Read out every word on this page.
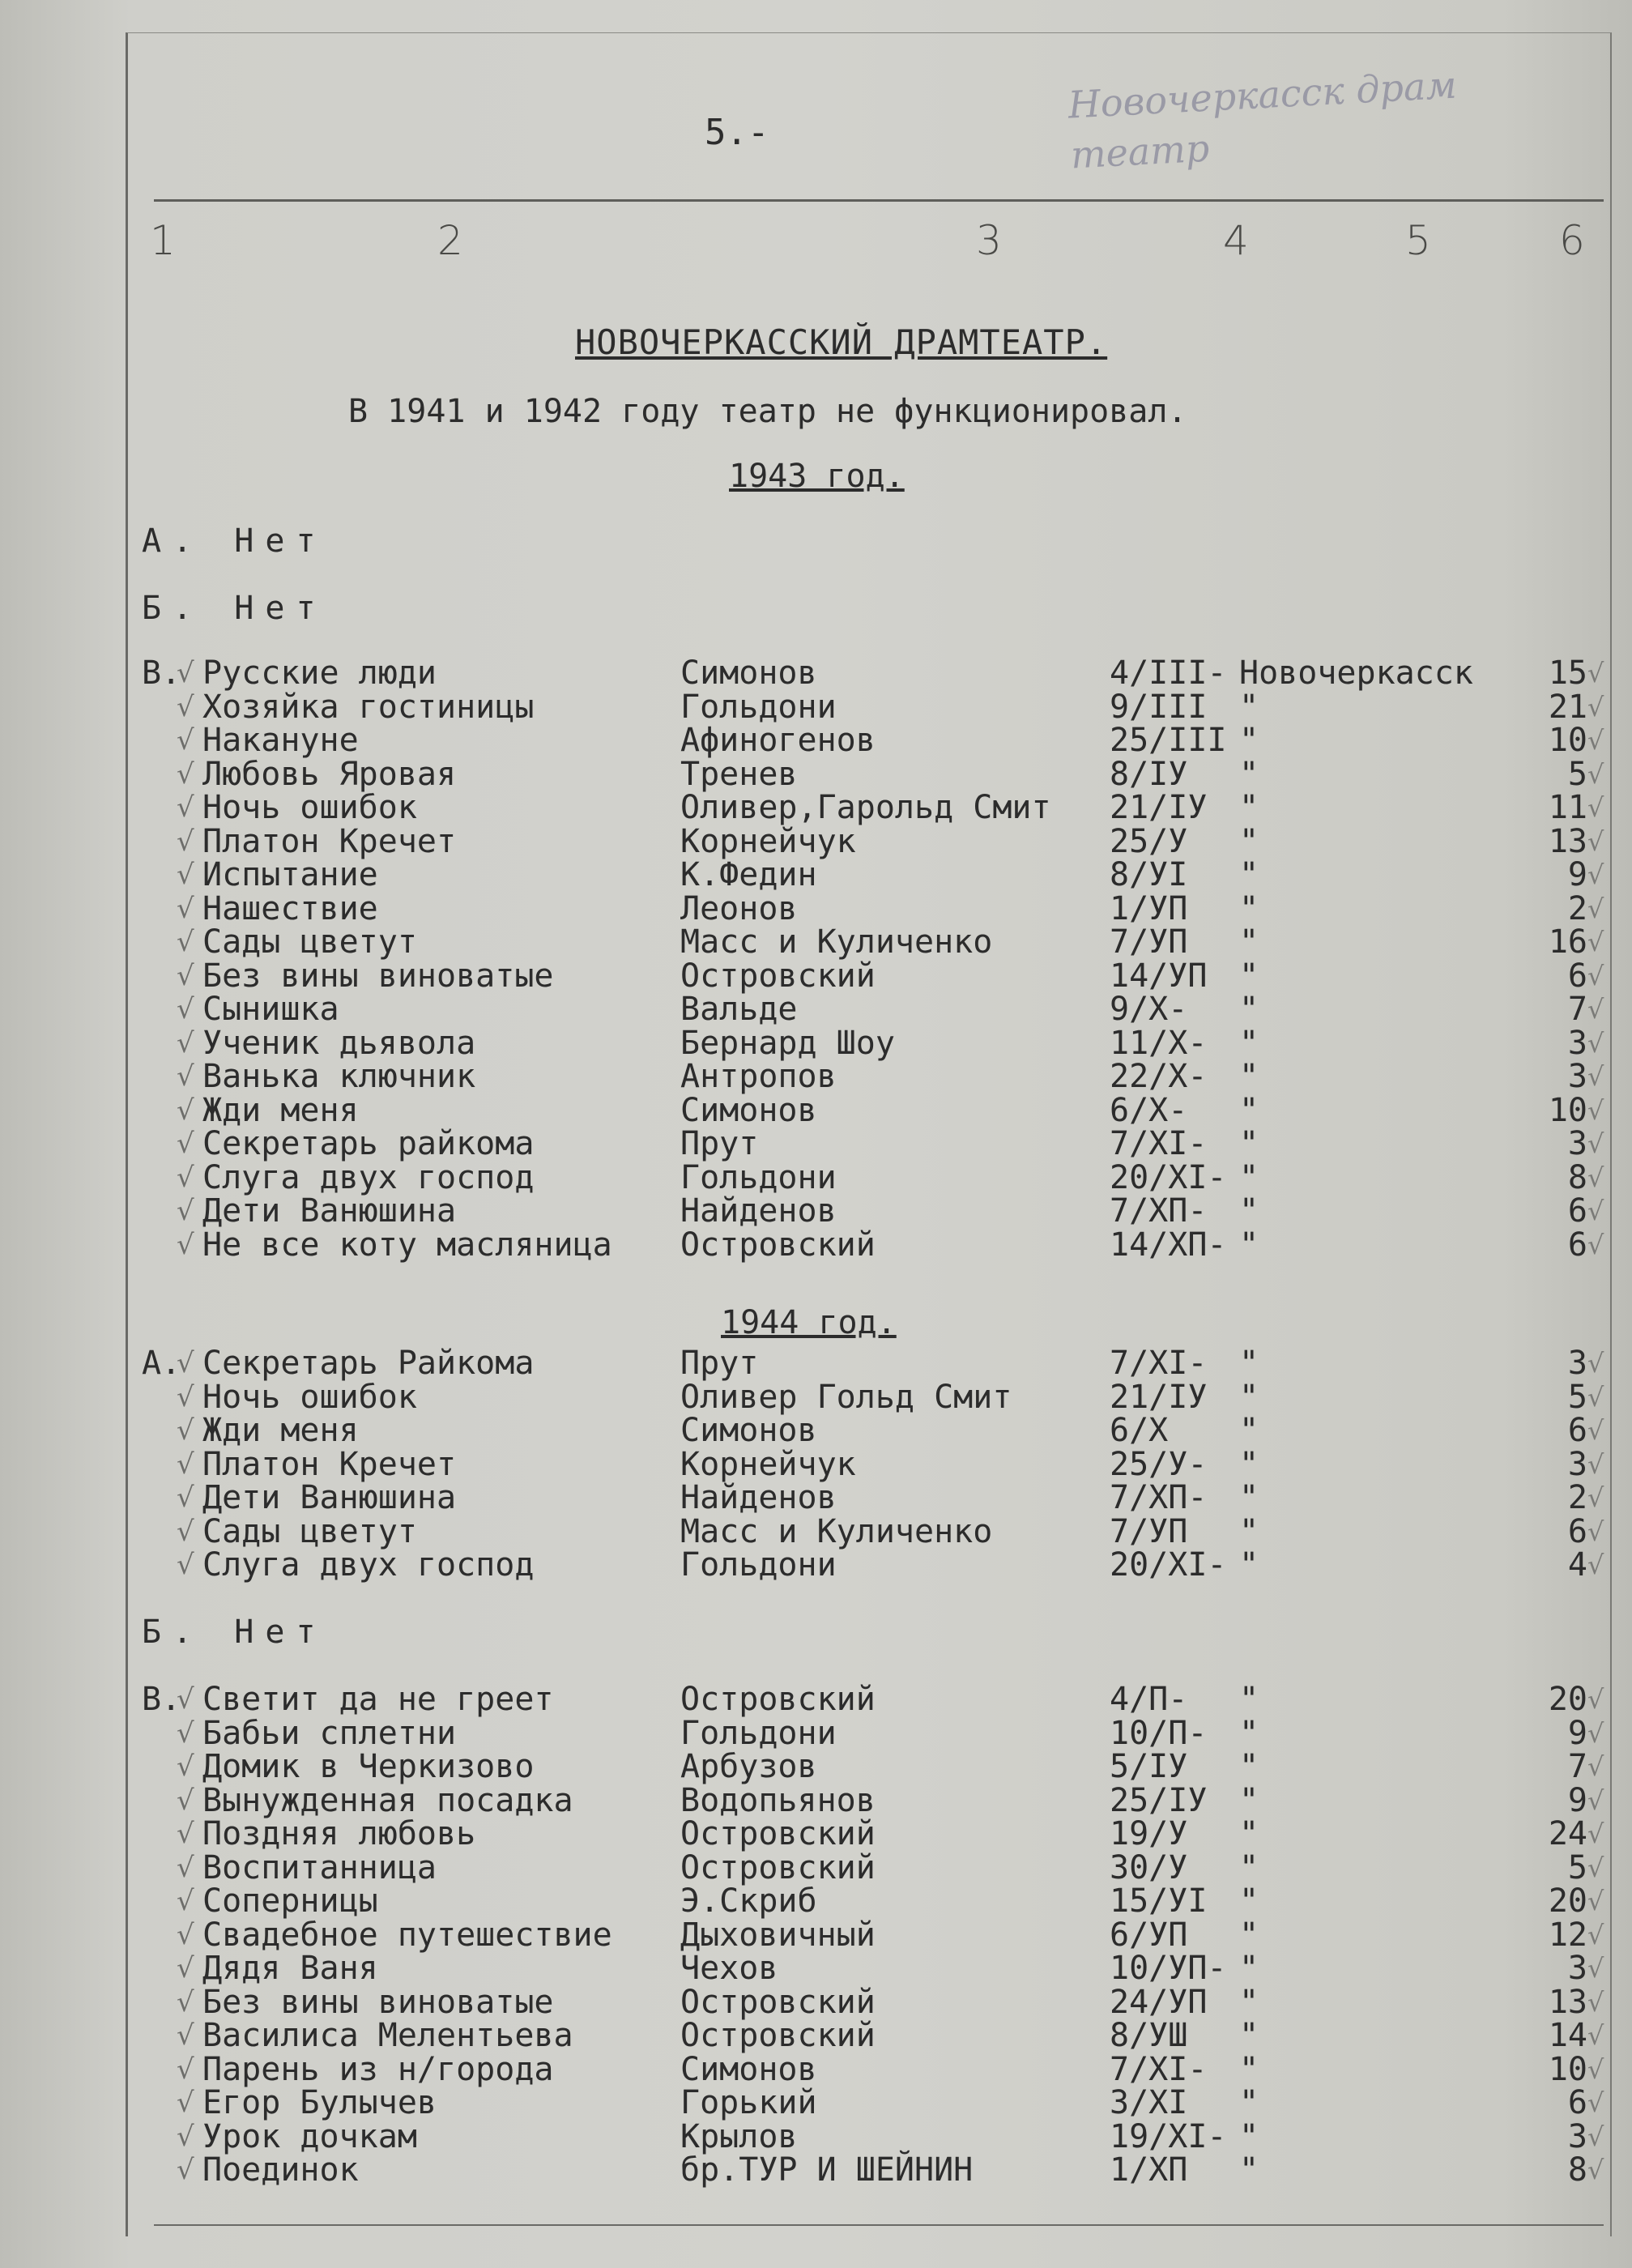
5.-
Новочеркасск драм театр
1	2	3	4	5	6
НОВОЧЕРКАССКИЙ ДРАМТЕАТР.
В 1941 и 1942 году театр не функционировал.
1943 год.
А. Нет
Б. Нет
В.
√ Русские люди	Симонов	4/III- Новочеркасск	15 √
√ Хозяйка гостиницы	Гольдони	9/III "	21 √
√ Накануне	Афиногенов	25/III "	10 √
√ Любовь Яровая	Тренев	8/IУ "	5 √
√ Ночь ошибок	Оливер,Гарольд Смит 21/IУ "	11 √
√ Платон Кречет	Корнейчук	25/У "	13 √
√ Испытание	К.Федин	8/УI "	9 √
√ Нашествие	Леонов	1/УП "	2 √
√ Сады цветут	Масс и Куличенко	7/УП "	16 √
√ Без вины виноватые	Островский	14/УП "	6 √
√ Сынишка	Вальде	9/Х- "	7 √
√ Ученик дьявола	Бернард Шоу	11/Х- "	3 √
√ Ванька ключник	Антропов	22/Х- "	3 √
√ Жди меня	Симонов	6/Х- "	10 √
√ Секретарь райкома	Прут	7/ХI- "	3 √
√ Слуга двух господ	Гольдони	20/ХI- "	8 √
√ Дети Ванюшина	Найденов	7/ХП- "	6 √
√ Не все коту масляница Островский	14/ХП- "	6 √
1944 год.
А.
√ Секретарь Райкома	Прут	7/ХI- "	3 √
√ Ночь ошибок	Оливер Гольд Смит	21/IУ "	5 √
√ Жди меня	Симонов	6/Х "	6 √
√ Платон Кречет	Корнейчук	25/У- "	3 √
√ Дети Ванюшина	Найденов	7/ХП- "	2 √
√ Сады цветут	Масс и Куличенко	7/УП "	6 √
√ Слуга двух господ	Гольдони	20/ХI- "	4 √
Б. Нет
В.
√ Светит да не греет	Островский	4/П- "	20 √
√ Бабьи сплетни	Гольдони	10/П- "	9 √
√ Домик в Черкизово	Арбузов	5/IУ "	7 √
√ Вынужденная посадка	Водопьянов	25/IУ "	9 √
√ Поздняя любовь	Островский	19/У "	24 √
√ Воспитанница	Островский	30/У "	5 √
√ Соперницы	Э.Скриб	15/УI "	20 √
√ Свадебное путешествие Дыховичный	6/УП "	12 √
√ Дядя Ваня	Чехов	10/УП- "	3 √
√ Без вины виноватые	Островский	24/УП "	13 √
√ Василиса Мелентьева	Островский	8/УШ "	14 √
√ Парень из н/города	Симонов	7/ХI- "	10 √
√ Егор Булычев	Горький	3/ХI "	6 √
√ Урок дочкам	Крылов	19/ХI- "	3 √
√ Поединок	бр.ТУР И ШЕЙНИН	1/ХП "	8 √
